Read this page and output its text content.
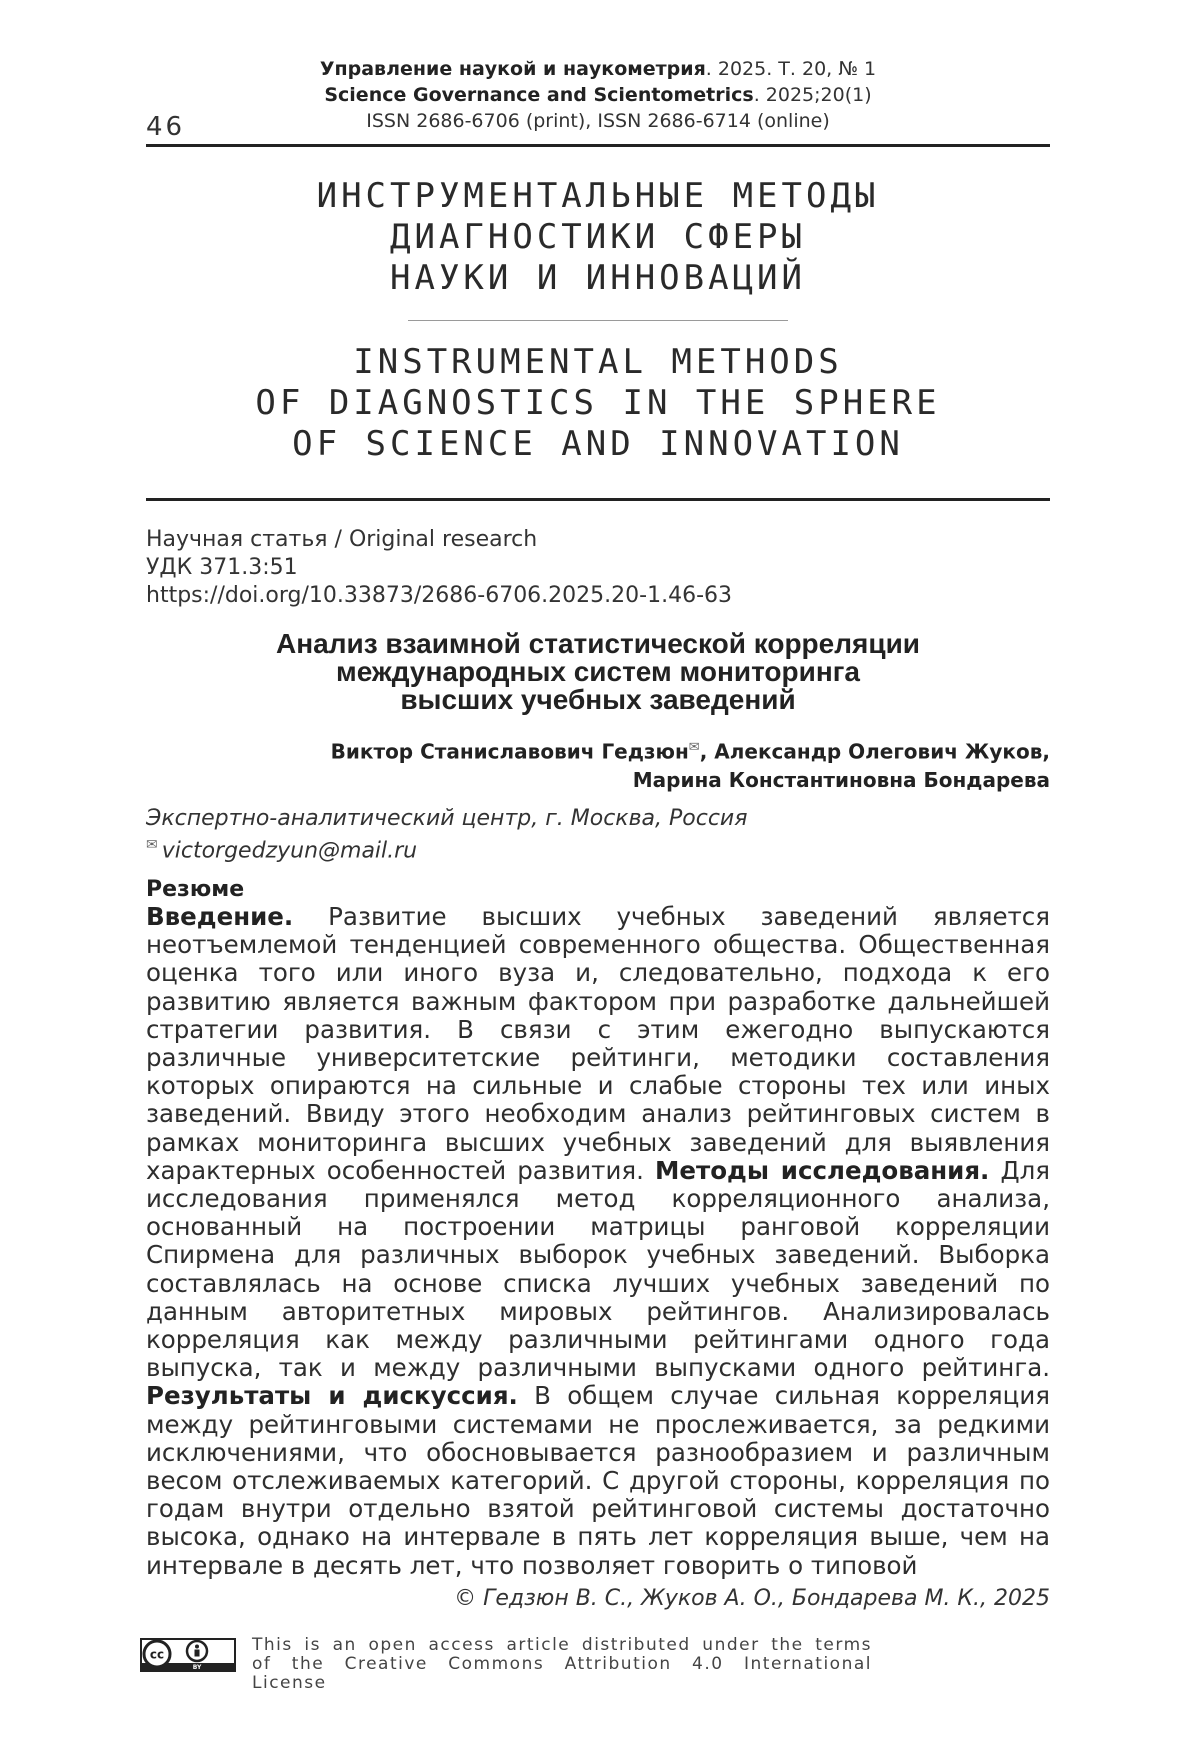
Управление наукой и наукометрия. 2025. Т. 20, № 1
Science Governance and Scientometrics. 2025;20(1)
ISSN 2686-6706 (print), ISSN 2686-6714 (online)
46
ИНСТРУМЕНТАЛЬНЫЕ МЕТОДЫ
ДИАГНОСТИКИ СФЕРЫ
НАУКИ И ИННОВАЦИЙ
INSTRUMENTAL METHODS
OF DIAGNOSTICS IN THE SPHERE
OF SCIENCE AND INNOVATION
Научная статья / Original research
УДК 371.3:51
https://doi.org/10.33873/2686-6706.2025.20-1.46-63
Анализ взаимной статистической корреляции
международных систем мониторинга
высших учебных заведений
Виктор Станиславович Гедзюн✉, Александр Олегович Жуков,
Марина Константиновна Бондарева
Экспертно-аналитический центр, г. Москва, Россия
✉ victorgedzyun@mail.ru
Резюме
Введение. Развитие высших учебных заведений является неотъемлемой тенденцией современного общества. Общественная оценка того или иного вуза и, следовательно, подхода к его развитию является важным фактором при разработке дальнейшей стратегии развития. В связи с этим ежегодно выпускаются различные университетские рейтинги, методики составления которых опираются на сильные и слабые стороны тех или иных заведений. Ввиду этого необходим анализ рейтинговых систем в рамках мониторинга высших учебных заведений для выявления характерных особенностей развития. Методы исследования. Для исследования применялся метод корреляционного анализа, основанный на построении матрицы ранговой корреляции Спирмена для различных выборок учебных заведений. Выборка составлялась на основе списка лучших учебных заведений по данным авторитетных мировых рейтингов. Анализировалась корреляция как между различными рейтингами одного года выпуска, так и между различными выпусками одного рейтинга. Результаты и дискуссия. В общем случае сильная корреляция между рейтинговыми системами не прослеживается, за редкими исключениями, что обосновывается разнообразием и различным весом отслеживаемых категорий. С другой стороны, корреляция по годам внутри отдельно взятой рейтинговой системы достаточно высока, однако на интервале в пять лет корреляция выше, чем на интервале в десять лет, что позволяет говорить о типовой
© Гедзюн В. С., Жуков А. О., Бондарева М. К., 2025
cc
BY
This is an open access article distributed under the terms
of the Creative Commons Attribution 4.0 International License
